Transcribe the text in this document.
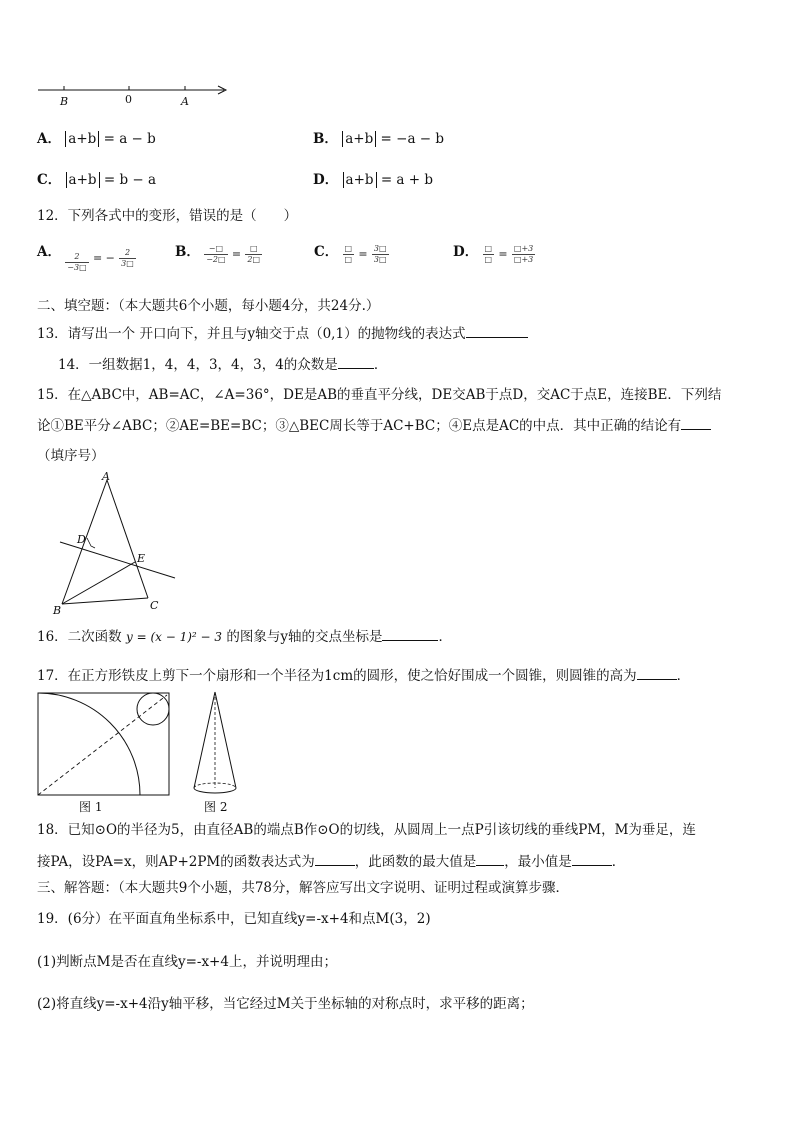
B	0	A
A． a+b = a − b	B． a+b = −a − b
C． a+b = b − a	D． a+b = a + b
12．下列各式中的变形，错误的是（　　）
A． $\frac{2}{-3□}$ = − $\frac{2}{3□}$	B． $\frac{-□}{-2□} = \frac{□}{2□}$	C． $\frac{□}{□} = \frac{3□}{3□}$	D． $\frac{□}{□} = \frac{□+3}{□+3}$
二、填空题：（本大题共6个小题，每小题4分，共24分.）
13．请写出一个 开口向下，并且与y轴交于点（0,1）的抛物线的表达式
14．一组数据1，4，4，3，4，3，4的众数是	．
15．在△ABC中，AB=AC，∠A=36°，DE是AB的垂直平分线，DE交AB于点D，交AC于点E，连接BE．下列结
论①BE平分∠ABC；②AE=BE=BC；③△BEC周长等于AC+BC；④E点是AC的中点．其中正确的结论有
（填序号）
A
B	C
D
E
16．二次函数 y = (x − 1)² − 3 的图象与y轴的交点坐标是	．
17．在正方形铁皮上剪下一个扇形和一个半径为1cm的圆形，使之恰好围成一个圆锥，则圆锥的高为	．
图 1	图 2
18．已知⊙O的半径为5，由直径AB的端点B作⊙O的切线，从圆周上一点P引该切线的垂线PM，M为垂足，连
接PA，设PA=x，则AP+2PM的函数表达式为	，此函数的最大值是 ，最小值是	．
三、解答题：（本大题共9个小题，共78分，解答应写出文字说明、证明过程或演算步骤．
19．(6分）在平面直角坐标系中，已知直线y=-x+4和点M(3，2)
(1)判断点M是否在直线y=-x+4上，并说明理由；
(2)将直线y=-x+4沿y轴平移，当它经过M关于坐标轴的对称点时，求平移的距离；
